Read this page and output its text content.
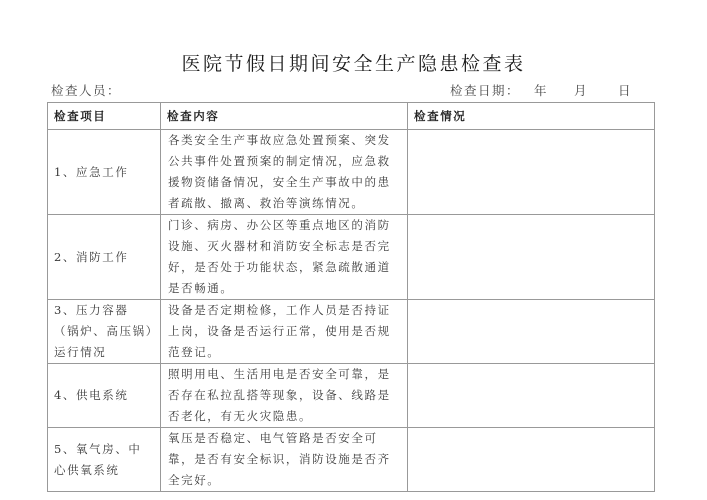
医院节假日期间安全生产隐患检查表
检查人员：	检查日期： 年 月 日
检查项目	检查内容	检查情况
1、应急工作	各类安全生产事故应急处置预案、突发公共事件处置预案的制定情况，应急救援物资储备情况，安全生产事故中的患者疏散、撤离、救治等演练情况。	
2、消防工作	门诊、病房、办公区等重点地区的消防设施、灭火器材和消防安全标志是否完好，是否处于功能状态，紧急疏散通道是否畅通。	
3、压力容器（锅炉、高压锅）运行情况	设备是否定期检修，工作人员是否持证上岗，设备是否运行正常，使用是否规范登记。	
4、供电系统	照明用电、生活用电是否安全可靠，是否存在私拉乱搭等现象，设备、线路是否老化，有无火灾隐患。	
5、氧气房、中心供氧系统	氧压是否稳定、电气管路是否安全可靠，是否有安全标识，消防设施是否齐全完好。	
